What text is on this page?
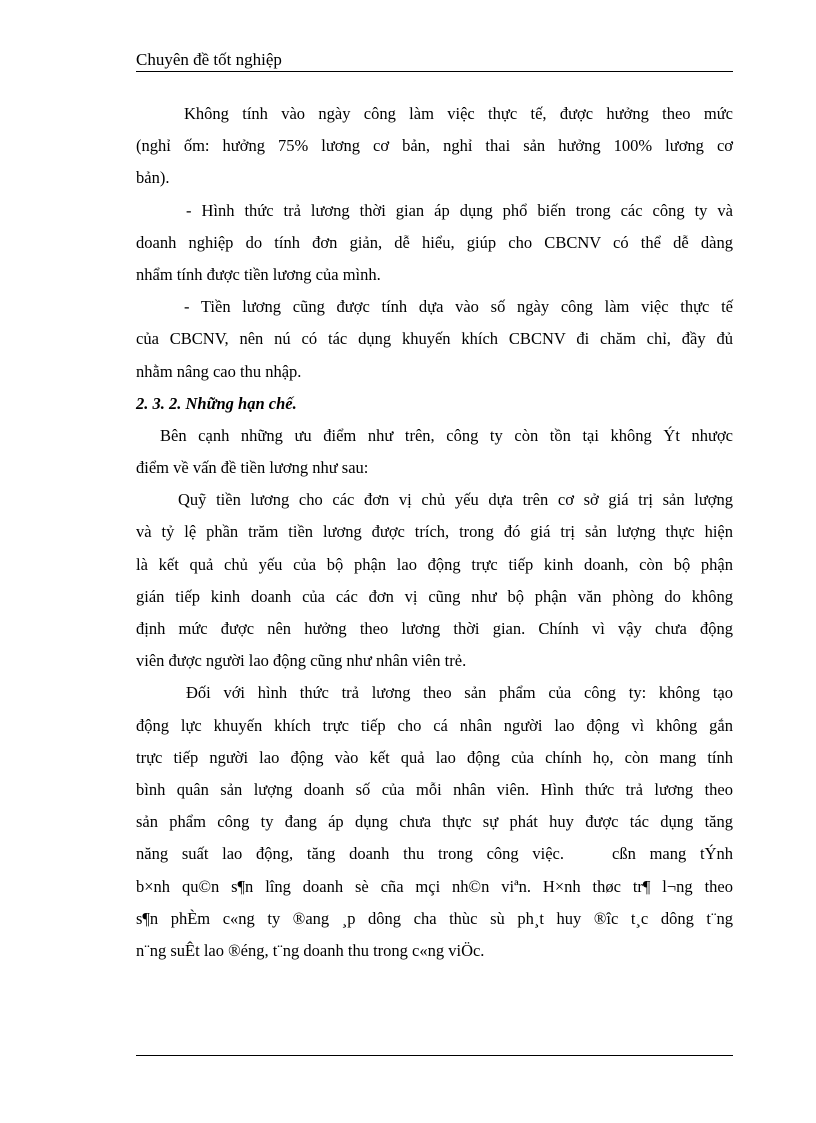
Chuyên đề tốt nghiệp
Không tính vào ngày công làm việc thực tế, được hưởng theo mức
(nghỉ ốm: hưởng 75% lương cơ bản, nghỉ thai sản hưởng 100% lương cơ
bản).
- Hình thức trả lương thời gian áp dụng phổ biến trong các công ty và
doanh nghiệp do tính đơn giản, dễ hiểu, giúp cho CBCNV có thể dễ dàng
nhẩm tính được tiền lương của mình.
- Tiền lương cũng được tính dựa vào số ngày công làm việc thực tế
của CBCNV, nên nú có tác dụng khuyến khích CBCNV đi chăm chỉ, đầy đủ
nhằm nâng cao thu nhập.
2. 3. 2. Những hạn chế.
Bên cạnh những ưu điểm như trên, công ty còn tồn tại không Ýt nhược
điểm về vấn đề tiền lương như sau:
Quỹ tiền lương cho các đơn vị chủ yếu dựa trên cơ sở giá trị sản lượng
và tỷ lệ phần trăm tiền lương được trích, trong đó giá trị sản lượng thực hiện
là kết quả chủ yếu của bộ phận lao động trực tiếp kinh doanh, còn bộ phận
gián tiếp kinh doanh của các đơn vị cũng như bộ phận văn phòng do không
định mức được nên hưởng theo lương thời gian. Chính vì vậy chưa động
viên được người lao động cũng như nhân viên trẻ.
Đối với hình thức trả lương theo sản phẩm của công ty: không tạo
động lực khuyến khích trực tiếp cho cá nhân người lao động vì không gắn
trực tiếp người lao động vào kết quả lao động của chính họ, còn mang tính
bình quân sản lượng doanh số của mỗi nhân viên. Hình thức trả lương theo
sản phẩm công ty đang áp dụng chưa thực sự phát huy được tác dụng tăng
năng suất lao động, tăng doanh thu trong công việc.	cßn mang tÝnh
b×nh qu©n s¶n lîng doanh sè cña mçi nh©n viªn. H×nh thøc tr¶ l¬ng theo
s¶n phÈm c«ng ty ®ang ¸p dông cha thùc sù ph¸t huy ®îc t¸c dông t¨ng
n¨ng suÊt lao ®éng, t¨ng doanh thu trong c«ng viÖc.
